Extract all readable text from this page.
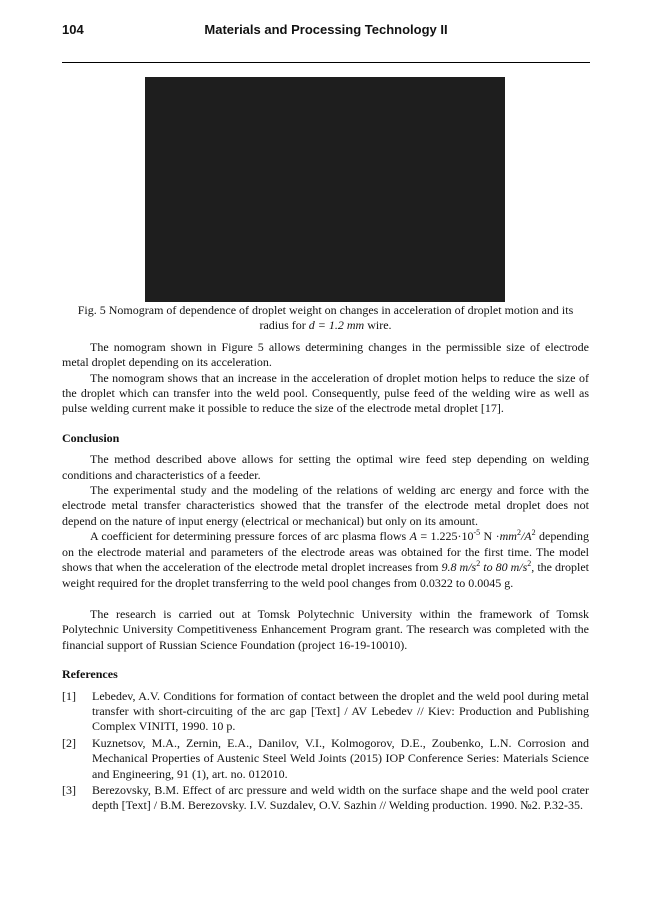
104	Materials and Processing Technology II
Fig. 5 Nomogram of dependence of droplet weight on changes in acceleration of droplet motion and its radius for d = 1.2 mm wire.

The nomogram shown in Figure 5 allows determining changes in the permissible size of electrode metal droplet depending on its acceleration.

The nomogram shows that an increase in the acceleration of droplet motion helps to reduce the size of the droplet which can transfer into the weld pool. Consequently, pulse feed of the welding wire as well as pulse welding current make it possible to reduce the size of the electrode metal droplet [17].

Conclusion

The method described above allows for setting the optimal wire feed step depending on welding conditions and characteristics of a feeder.

The experimental study and the modeling of the relations of welding arc energy and force with the electrode metal transfer characteristics showed that the transfer of the electrode metal droplet does not depend on the nature of input energy (electrical or mechanical) but only on its amount.

A coefficient for determining pressure forces of arc plasma flows $A = 1.225\cdot 10^{-5}$ $N \cdot mm^2/A^2$ depending on the electrode material and parameters of the electrode areas was obtained for the first time. The model shows that when the acceleration of the electrode metal droplet increases from 9.8 $m/s^2$ to 80 $m/s^2$, the droplet weight required for the droplet transferring to the weld pool changes from 0.0322 to 0.0045 g.

The research is carried out at Tomsk Polytechnic University within the framework of Tomsk Polytechnic University Competitiveness Enhancement Program grant. The research was completed with the financial support of Russian Science Foundation (project 16-19-10010).

References
[1]	Lebedev, A.V. Conditions for formation of contact between the droplet and the weld pool during metal transfer with short-circuiting of the arc gap [Text] / AV Lebedev // Kiev: Production and Publishing Complex VINITI, 1990. 10 p.
[2]	Kuznetsov, M.A., Zernin, E.A., Danilov, V.I., Kolmogorov, D.E., Zoubenko, L.N. Corrosion and Mechanical Properties of Austenic Steel Weld Joints (2015) IOP Conference Series: Materials Science and Engineering, 91 (1), art. no. 012010.
[3]	Berezovsky, B.M. Effect of arc pressure and weld width on the surface shape and the weld pool crater depth [Text] / B.M. Berezovsky. I.V. Suzdalev, O.V. Sazhin // Welding production. 1990. №2. P.32-35.
